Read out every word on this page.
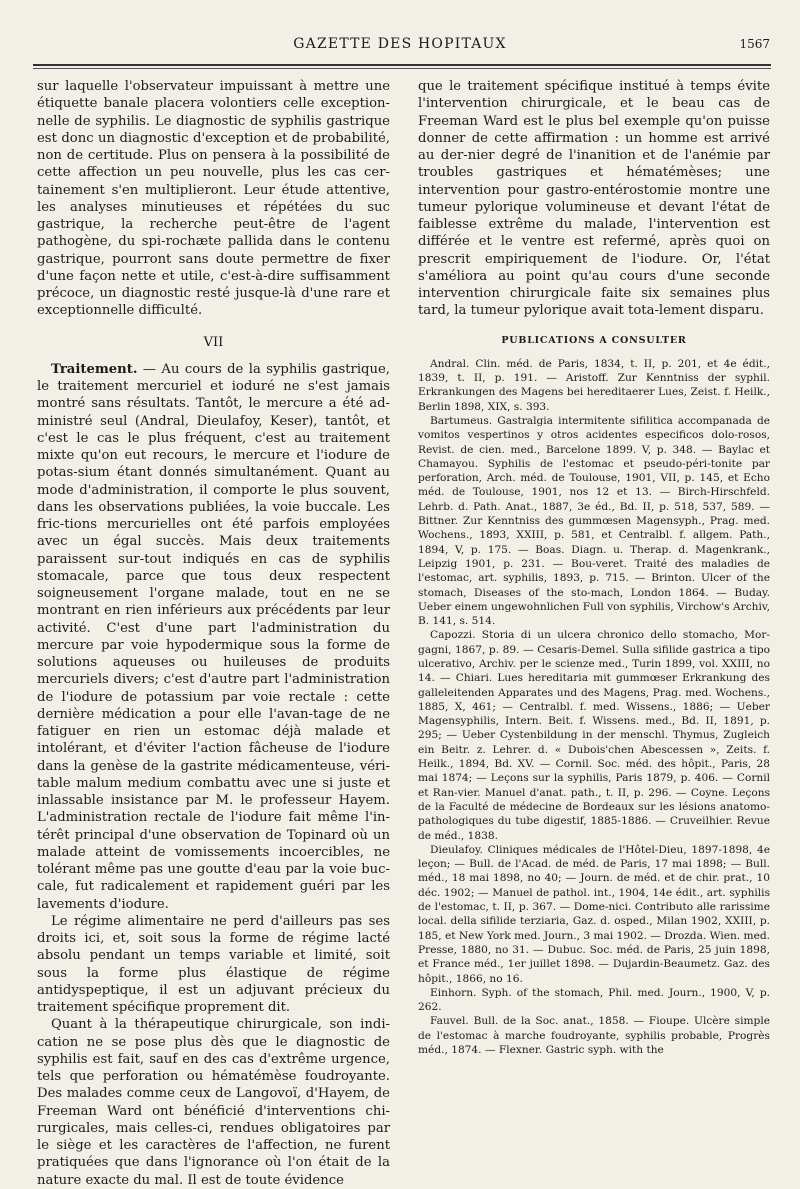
GAZETTE DES HOPITAUX	1567

sur laquelle l'observateur impuissant à mettre une étiquette banale placera volontiers celle exception-nelle de syphilis. Le diagnostic de syphilis gastrique est donc un diagnostic d'exception et de probabilité, non de certitude. Plus on pensera à la possibilité de cette affection un peu nouvelle, plus les cas cer-tainement s'en multiplieront. Leur étude attentive, les analyses minutieuses et répétées du suc gastrique, la recherche peut-être de l'agent pathogène, du spi-rochæte pallida dans le contenu gastrique, pourront sans doute permettre de fixer d'une façon nette et utile, c'est-à-dire suffisamment précoce, un diagnostic resté jusque-là d'une rare et exceptionnelle difficulté.

VII

Traitement. — Au cours de la syphilis gastrique, le traitement mercuriel et ioduré ne s'est jamais montré sans résultats. Tantôt, le mercure a été ad-ministré seul (Andral, Dieulafoy, Keser), tantôt, et c'est le cas le plus fréquent, c'est au traitement mixte qu'on eut recours, le mercure et l'iodure de potas-sium étant donnés simultanément. Quant au mode d'administration, il comporte le plus souvent, dans les observations publiées, la voie buccale. Les fric-tions mercurielles ont été parfois employées avec un égal succès. Mais deux traitements paraissent sur-tout indiqués en cas de syphilis stomacale, parce que tous deux respectent soigneusement l'organe malade, tout en ne se montrant en rien inférieurs aux précédents par leur activité. C'est d'une part l'administration du mercure par voie hypodermique sous la forme de solutions aqueuses ou huileuses de produits mercuriels divers; c'est d'autre part l'administration de l'iodure de potassium par voie rectale : cette dernière médication a pour elle l'avan-tage de ne fatiguer en rien un estomac déjà malade et intolérant, et d'éviter l'action fâcheuse de l'iodure dans la genèse de la gastrite médicamenteuse, véri-table malum medium combattu avec une si juste et inlassable insistance par M. le professeur Hayem. L'administration rectale de l'iodure fait même l'in-térêt principal d'une observation de Topinard où un malade atteint de vomissements incoercibles, ne tolérant même pas une goutte d'eau par la voie buc-cale, fut radicalement et rapidement guéri par les lavements d'iodure.

Le régime alimentaire ne perd d'ailleurs pas ses droits ici, et, soit sous la forme de régime lacté absolu pendant un temps variable et limité, soit sous la forme plus élastique de régime antidyspeptique, il est un adjuvant précieux du traitement spécifique proprement dit.

Quant à la thérapeutique chirurgicale, son indi-cation ne se pose plus dès que le diagnostic de syphilis est fait, sauf en des cas d'extrême urgence, tels que perforation ou hématémèse foudroyante. Des malades comme ceux de Langovoï, d'Hayem, de Freeman Ward ont bénéficié d'interventions chi-rurgicales, mais celles-ci, rendues obligatoires par le siège et les caractères de l'affection, ne furent pratiquées que dans l'ignorance où l'on était de la nature exacte du mal. Il est de toute évidence

que le traitement spécifique institué à temps évite l'intervention chirurgicale, et le beau cas de Freeman Ward est le plus bel exemple qu'on puisse donner de cette affirmation : un homme est arrivé au der-nier degré de l'inanition et de l'anémie par troubles gastriques et hématémèses; une intervention pour gastro-entérostomie montre une tumeur pylorique volumineuse et devant l'état de faiblesse extrême du malade, l'intervention est différée et le ventre est refermé, après quoi on prescrit empiriquement de l'iodure. Or, l'état s'améliora au point qu'au cours d'une seconde intervention chirurgicale faite six semaines plus tard, la tumeur pylorique avait tota-lement disparu.

PUBLICATIONS A CONSULTER

Andral. Clin. méd. de Paris, 1834, t. II, p. 201, et 4e édit., 1839, t. II, p. 191. — Aristoff. Zur Kenntniss der syphil. Erkrankungen des Magens bei hereditaerer Lues, Zeist. f. Heilk., Berlin 1898, XIX, s. 393.

Bartumeus. Gastralgia intermitente sifilitica accompanada de vomitos vespertinos y otros acidentes especificos dolo-rosos, Revist. de cien. med., Barcelone 1899. V, p. 348. — Baylac et Chamayou. Syphilis de l'estomac et pseudo-péri-tonite par perforation, Arch. méd. de Toulouse, 1901, VII, p. 145, et Echo méd. de Toulouse, 1901, nos 12 et 13. — Birch-Hirschfeld. Lehrb. d. Path. Anat., 1887, 3e éd., Bd. II, p. 518, 537, 589. — Bittner. Zur Kenntniss des gummœsen Magensyph., Prag. med. Wochens., 1893, XXIII, p. 581, et Centralbl. f. allgem. Path., 1894, V, p. 175. — Boas. Diagn. u. Therap. d. Magenkrank., Leipzig 1901, p. 231. — Bou-veret. Traité des maladies de l'estomac, art. syphilis, 1893, p. 715. — Brinton. Ulcer of the stomach, Diseases of the sto-mach, London 1864. — Buday. Ueber einem ungewohnlichen Full von syphilis, Virchow's Archiv, B. 141, s. 514.

Capozzi. Storia di un ulcera chronico dello stomacho, Mor-gagni, 1867, p. 89. — Cesaris-Demel. Sulla sifilide gastrica a tipo ulcerativo, Archiv. per le scienze med., Turin 1899, vol. XXIII, no 14. — Chiari. Lues hereditaria mit gummœser Erkrankung des galleleitenden Apparates und des Magens, Prag. med. Wochens., 1885, X, 461; — Centralbl. f. med. Wissens., 1886; — Ueber Magensyphilis, Intern. Beit. f. Wissens. med., Bd. II, 1891, p. 295; — Ueber Cystenbildung in der menschl. Thymus, Zugleich ein Beitr. z. Lehrer. d. « Dubois'chen Abescessen », Zeits. f. Heilk., 1894, Bd. XV. — Cornil. Soc. méd. des hôpit., Paris, 28 mai 1874; — Leçons sur la syphilis, Paris 1879, p. 406. — Cornil et Ran-vier. Manuel d'anat. path., t. II, p. 296. — Coyne. Leçons de la Faculté de médecine de Bordeaux sur les lésions anatomo-pathologiques du tube digestif, 1885-1886. — Cruveilhier. Revue de méd., 1838.

Dieulafoy. Cliniques médicales de l'Hôtel-Dieu, 1897-1898, 4e leçon; — Bull. de l'Acad. de méd. de Paris, 17 mai 1898; — Bull. méd., 18 mai 1898, no 40; — Journ. de méd. et de chir. prat., 10 déc. 1902; — Manuel de pathol. int., 1904, 14e édit., art. syphilis de l'estomac, t. II, p. 367. — Dome-nici. Contributo alle rarissime local. della sifilide terziaria, Gaz. d. osped., Milan 1902, XXIII, p. 185, et New York med. Journ., 3 mai 1902. — Drozda. Wien. med. Presse, 1880, no 31. — Dubuc. Soc. méd. de Paris, 25 juin 1898, et France méd., 1er juillet 1898. — Dujardin-Beaumetz. Gaz. des hôpit., 1866, no 16.

Einhorn. Syph. of the stomach, Phil. med. Journ., 1900, V, p. 262.

Fauvel. Bull. de la Soc. anat., 1858. — Fioupe. Ulcère simple de l'estomac à marche foudroyante, syphilis probable, Progrès méd., 1874. — Flexner. Gastric syph. with the
